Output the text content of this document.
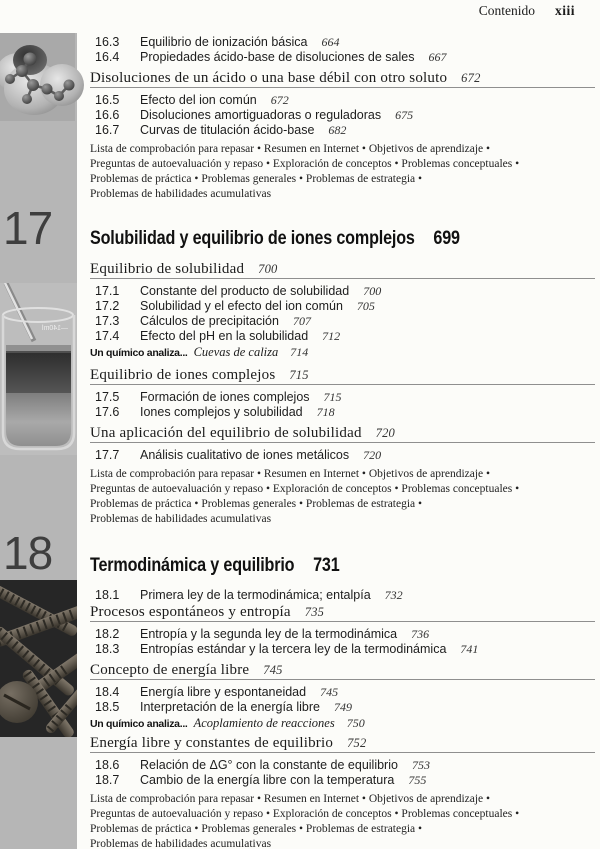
17
—140ml
18
Contenido xiii
16.3 Equilibrio de ionización básica 664
16.4 Propiedades ácido-base de disoluciones de sales 667
Disoluciones de un ácido o una base débil con otro soluto 672
16.5 Efecto del ion común 672
16.6 Disoluciones amortiguadoras o reguladoras 675
16.7 Curvas de titulación ácido-base 682
Lista de comprobación para repasar • Resumen en Internet • Objetivos de aprendizaje •
Preguntas de autoevaluación y repaso • Exploración de conceptos • Problemas conceptuales •
Problemas de práctica • Problemas generales • Problemas de estrategia •
Problemas de habilidades acumulativas
Solubilidad y equilibrio de iones complejos 699
Equilibrio de solubilidad 700
17.1 Constante del producto de solubilidad 700
17.2 Solubilidad y el efecto del ion común 705
17.3 Cálculos de precipitación 707
17.4 Efecto del pH en la solubilidad 712
Un químico analiza... Cuevas de caliza 714
Equilibrio de iones complejos 715
17.5 Formación de iones complejos 715
17.6 Iones complejos y solubilidad 718
Una aplicación del equilibrio de solubilidad 720
17.7 Análisis cualitativo de iones metálicos 720
Lista de comprobación para repasar • Resumen en Internet • Objetivos de aprendizaje •
Preguntas de autoevaluación y repaso • Exploración de conceptos • Problemas conceptuales •
Problemas de práctica • Problemas generales • Problemas de estrategia •
Problemas de habilidades acumulativas
Termodinámica y equilibrio 731
18.1 Primera ley de la termodinámica; entalpía 732
Procesos espontáneos y entropía 735
18.2 Entropía y la segunda ley de la termodinámica 736
18.3 Entropías estándar y la tercera ley de la termodinámica 741
Concepto de energía libre 745
18.4 Energía libre y espontaneidad 745
18.5 Interpretación de la energía libre 749
Un químico analiza... Acoplamiento de reacciones 750
Energía libre y constantes de equilibrio 752
18.6 Relación de ΔG° con la constante de equilibrio 753
18.7 Cambio de la energía libre con la temperatura 755
Lista de comprobación para repasar • Resumen en Internet • Objetivos de aprendizaje •
Preguntas de autoevaluación y repaso • Exploración de conceptos • Problemas conceptuales •
Problemas de práctica • Problemas generales • Problemas de estrategia •
Problemas de habilidades acumulativas
